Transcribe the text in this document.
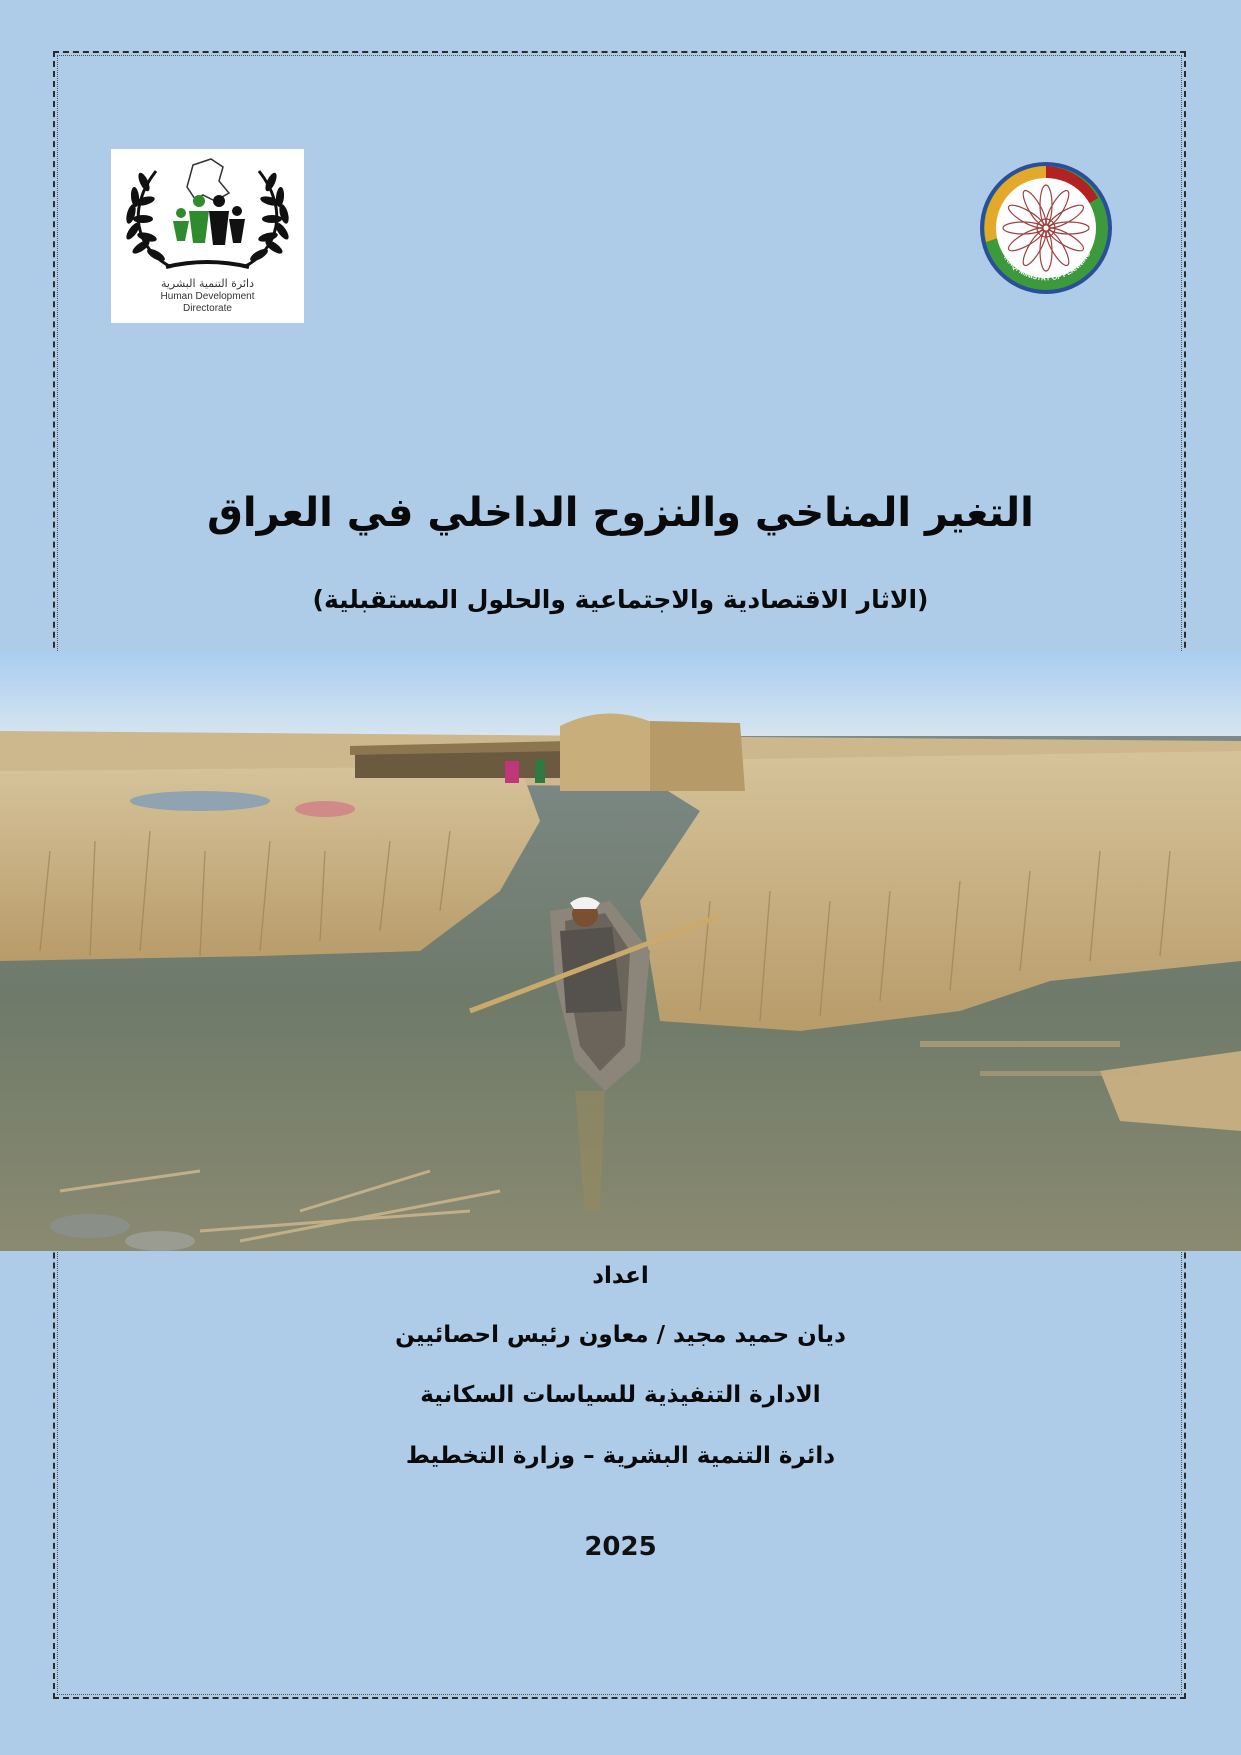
دائرة التنمية البشرية
Human Development
Directorate
IRAQI MINISTRY OF PLANNING
التغير المناخي والنزوح الداخلي في العراق
(الاثار الاقتصادية والاجتماعية والحلول المستقبلية)
اعداد
ديان حميد مجيد / معاون رئيس احصائيين
الادارة التنفيذية للسياسات السكانية
دائرة التنمية البشرية – وزارة التخطيط
2025
